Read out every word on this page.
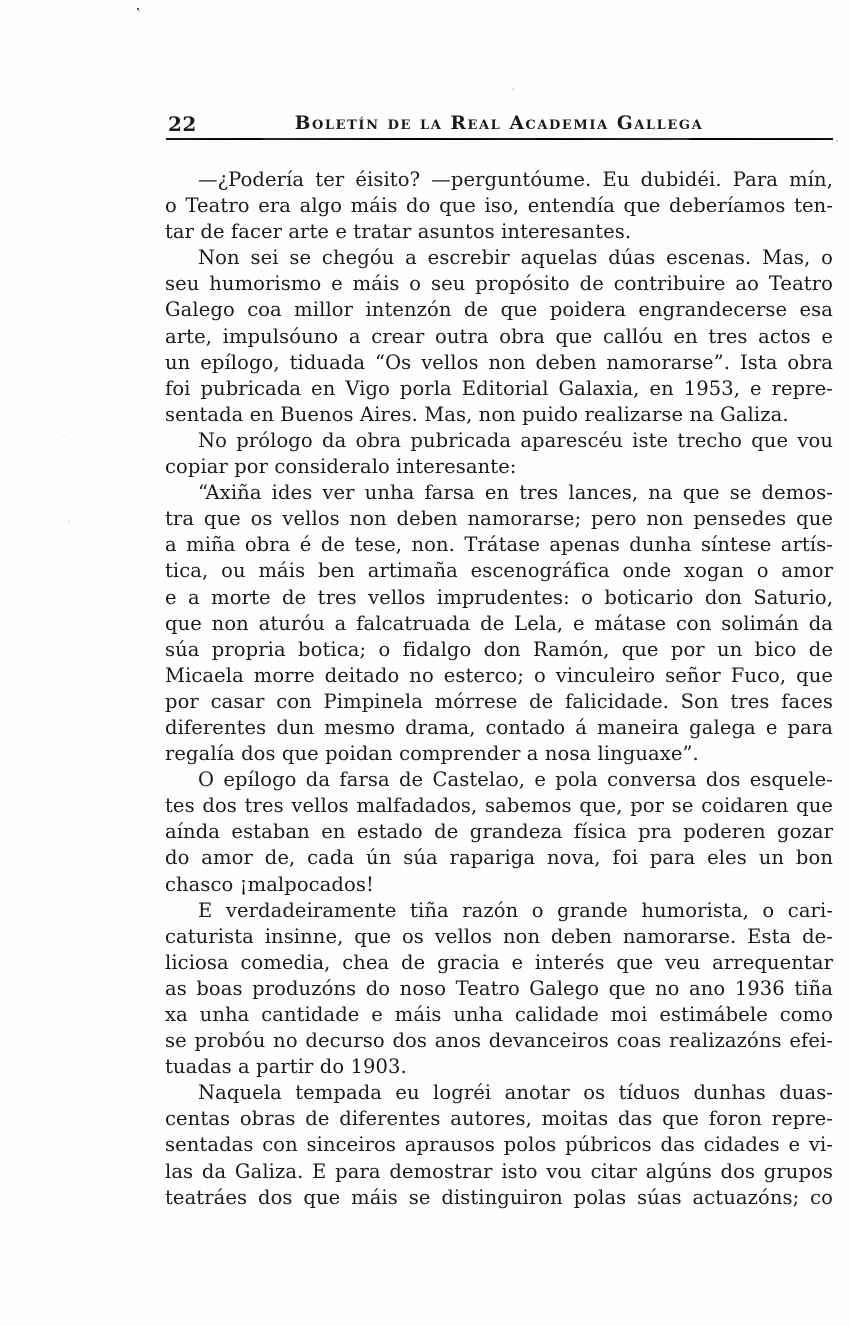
22	Boletín de la Real Academia Gallega
—¿Podería ter éisito? —perguntóume. Eu dubidéi. Para mín,
o Teatro era algo máis do que iso, entendía que deberíamos ten-
tar de facer arte e tratar asuntos interesantes.
Non sei se chegóu a escrebir aquelas dúas escenas. Mas, o
seu humorismo e máis o seu propósito de contribuire ao Teatro
Galego coa millor intenzón de que poidera engrandecerse esa
arte, impulsóuno a crear outra obra que callóu en tres actos e
un epílogo, tiduada “Os vellos non deben namorarse”. Ista obra
foi pubricada en Vigo porla Editorial Galaxia, en 1953, e repre-
sentada en Buenos Aires. Mas, non puido realizarse na Galiza.
No prólogo da obra pubricada aparescéu iste trecho que vou
copiar por consideralo interesante:
“Axiña ides ver unha farsa en tres lances, na que se demos-
tra que os vellos non deben namorarse; pero non pensedes que
a miña obra é de tese, non. Trátase apenas dunha síntese artís-
tica, ou máis ben artimaña escenográfica onde xogan o amor
e a morte de tres vellos imprudentes: o boticario don Saturio,
que non aturóu a falcatruada de Lela, e mátase con solimán da
súa propria botica; o fidalgo don Ramón, que por un bico de
Micaela morre deitado no esterco; o vinculeiro señor Fuco, que
por casar con Pimpinela mórrese de falicidade. Son tres faces
diferentes dun mesmo drama, contado á maneira galega e para
regalía dos que poidan comprender a nosa linguaxe”.
O epílogo da farsa de Castelao, e pola conversa dos esquele-
tes dos tres vellos malfadados, sabemos que, por se coidaren que
aínda estaban en estado de grandeza física pra poderen gozar
do amor de, cada ún súa rapariga nova, foi para eles un bon
chasco ¡malpocados!
E verdadeiramente tiña razón o grande humorista, o cari-
caturista insinne, que os vellos non deben namorarse. Esta de-
liciosa comedia, chea de gracia e interés que veu arrequentar
as boas produzóns do noso Teatro Galego que no ano 1936 tiña
xa unha cantidade e máis unha calidade moi estimábele como
se probóu no decurso dos anos devanceiros coas realizazóns efei-
tuadas a partir do 1903.
Naquela tempada eu logréi anotar os tíduos dunhas duas-
centas obras de diferentes autores, moitas das que foron repre-
sentadas con sinceiros aprausos polos púbricos das cidades e vi-
las da Galiza. E para demostrar isto vou citar algúns dos grupos
teatráes dos que máis se distinguiron polas súas actuazóns; co
